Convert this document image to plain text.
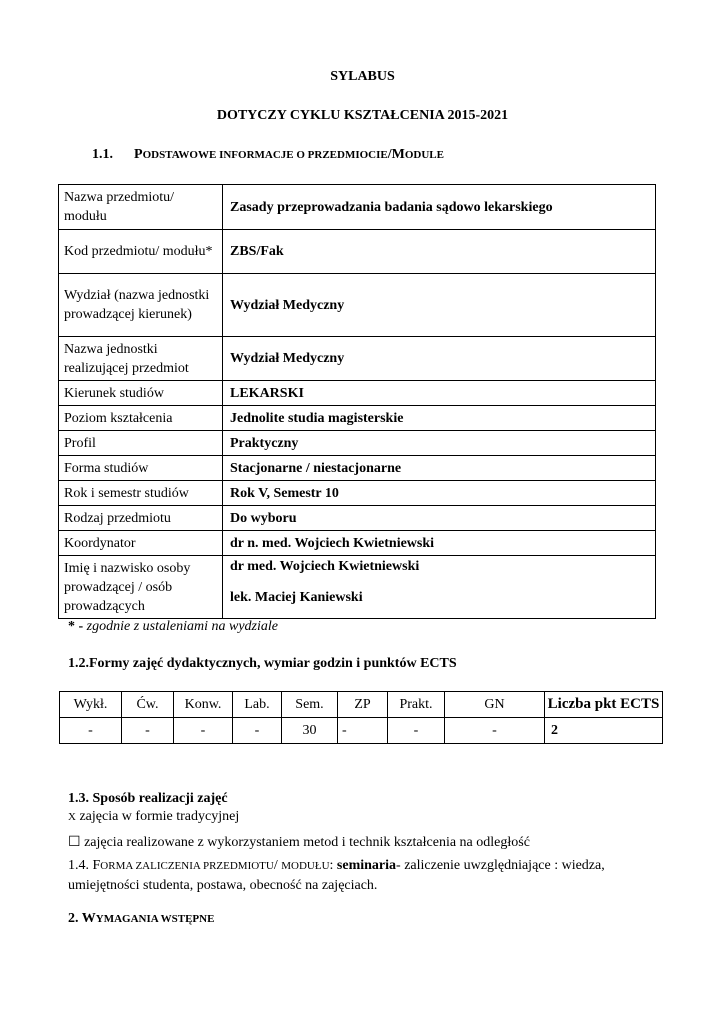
SYLABUS
DOTYCZY CYKLU KSZTAŁCENIA 2015-2021
1.1. PODSTAWOWE INFORMACJE O PRZEDMIOCIE/MODULE
Nazwa przedmiotu/ modułu	Zasady przeprowadzania badania sądowo lekarskiego
Kod przedmiotu/ modułu*	ZBS/Fak
Wydział (nazwa jednostki prowadzącej kierunek)	Wydział Medyczny
Nazwa jednostki realizującej przedmiot	Wydział Medyczny
Kierunek studiów	LEKARSKI
Poziom kształcenia	Jednolite studia magisterskie
Profil	Praktyczny
Forma studiów	Stacjonarne / niestacjonarne
Rok i semestr studiów	Rok V, Semestr 10
Rodzaj przedmiotu	Do wyboru
Koordynator	dr n. med. Wojciech Kwietniewski
Imię i nazwisko osoby prowadzącej / osób prowadzących	dr med. Wojciech Kwietniewski
lek. Maciej Kaniewski
* - zgodnie z ustaleniami na wydziale
1.2.Formy zajęć dydaktycznych, wymiar godzin i punktów ECTS
Wykł.	Ćw.	Konw.	Lab.	Sem.	ZP	Prakt.	GN	Liczba pkt ECTS
-	-	-	-	30	-	-	-	2
1.3. Sposób realizacji zajęć
X zajęcia w formie tradycyjnej
☐ zajęcia realizowane z wykorzystaniem metod i technik kształcenia na odległość
1.4. FORMA ZALICZENIA PRZEDMIOTU/ MODUŁU: seminaria- zaliczenie uwzględniające : wiedza,
umiejętności studenta, postawa, obecność na zajęciach.
2. WYMAGANIA WSTĘPNE
